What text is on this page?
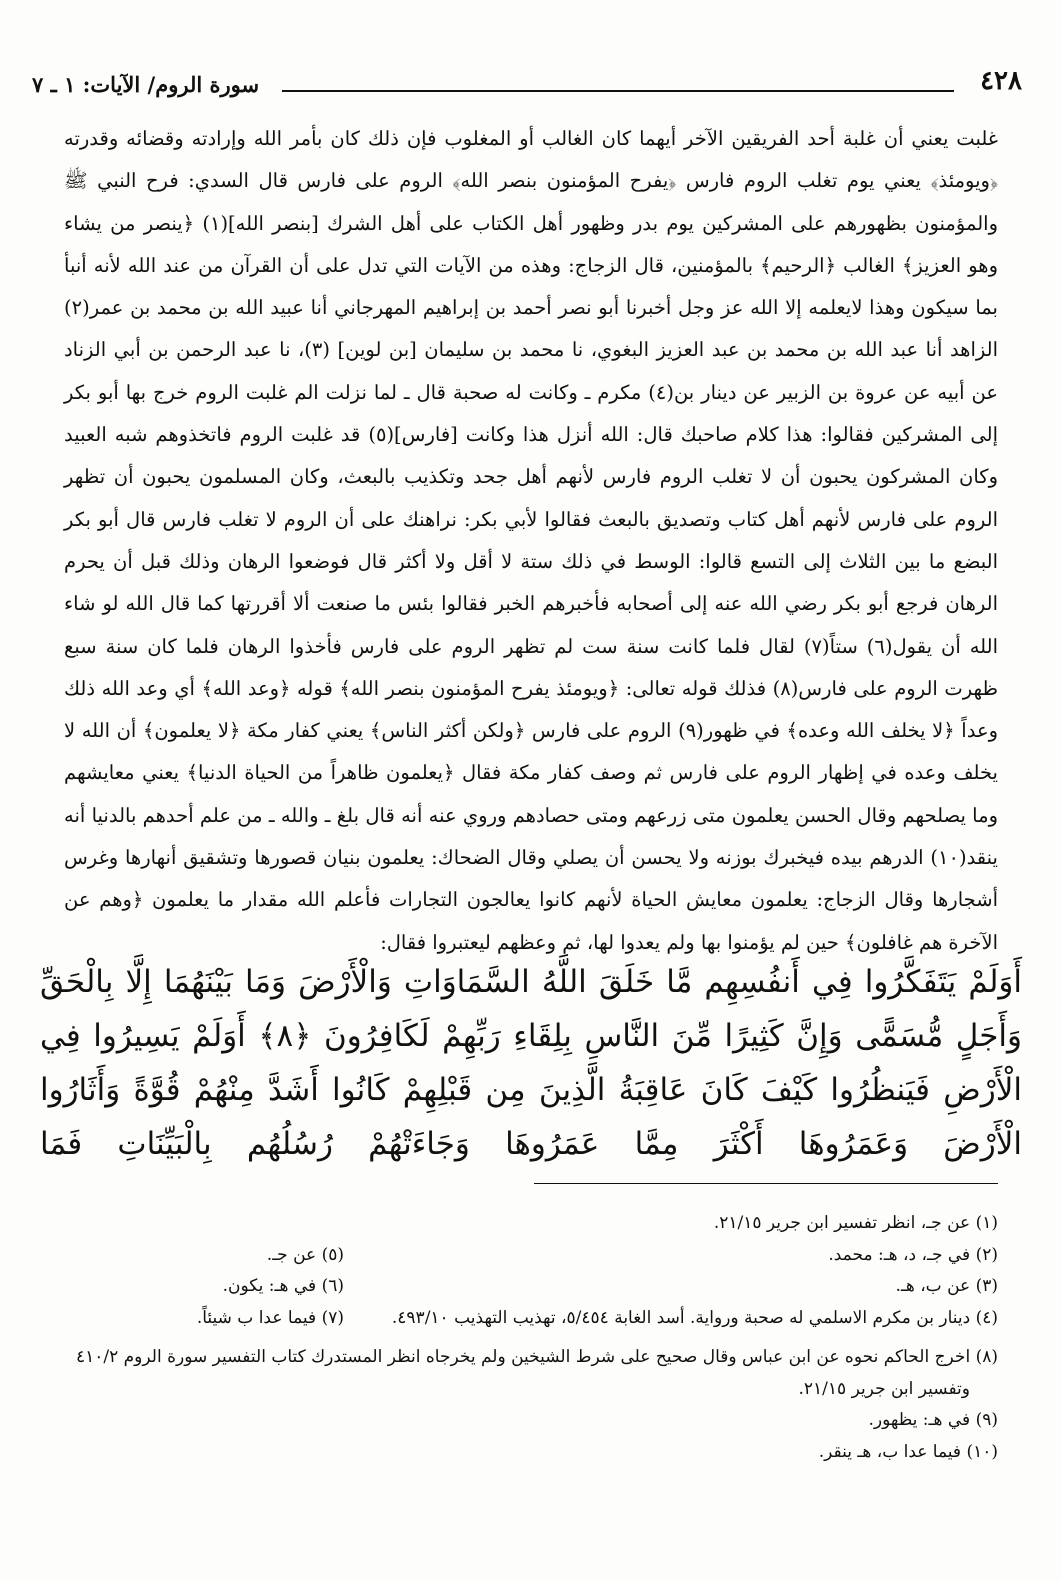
سورة الروم/ الآيات: ١ ـ ٧	٤٢٨

غلبت يعني أن غلبة أحد الفريقين الآخر أيهما كان الغالب أو المغلوب فإن ذلك كان بأمر الله وإرادته وقضائه وقدرته ﴿ويومئذ﴾ يعني يوم تغلب الروم فارس ﴿يفرح المؤمنون بنصر الله﴾ الروم على فارس قال السدي: فرح النبي ﷺ والمؤمنون بظهورهم على المشركين يوم بدر وظهور أهل الكتاب على أهل الشرك [بنصر الله](١) ﴿ينصر من يشاء وهو العزيز﴾ الغالب ﴿الرحيم﴾ بالمؤمنين، قال الزجاج: وهذه من الآيات التي تدل على أن القرآن من عند الله لأنه أنبأ بما سيكون وهذا لايعلمه إلا الله عز وجل أخبرنا أبو نصر أحمد بن إبراهيم المهرجاني أنا عبيد الله بن محمد بن عمر(٢) الزاهد أنا عبد الله بن محمد بن عبد العزيز البغوي، نا محمد بن سليمان [بن لوين] (٣)، نا عبد الرحمن بن أبي الزناد عن أبيه عن عروة بن الزبير عن دينار بن(٤) مكرم ـ وكانت له صحبة قال ـ لما نزلت الم غلبت الروم خرج بها أبو بكر إلى المشركين فقالوا: هذا كلام صاحبك قال: الله أنزل هذا وكانت [فارس](٥) قد غلبت الروم فاتخذوهم شبه العبيد وكان المشركون يحبون أن لا تغلب الروم فارس لأنهم أهل جحد وتكذيب بالبعث، وكان المسلمون يحبون أن تظهر الروم على فارس لأنهم أهل كتاب وتصديق بالبعث فقالوا لأبي بكر: نراهنك على أن الروم لا تغلب فارس قال أبو بكر البضع ما بين الثلاث إلى التسع قالوا: الوسط في ذلك ستة لا أقل ولا أكثر قال فوضعوا الرهان وذلك قبل أن يحرم الرهان فرجع أبو بكر رضي الله عنه إلى أصحابه فأخبرهم الخبر فقالوا بئس ما صنعت ألا أقررتها كما قال الله لو شاء الله أن يقول(٦) ستاً(٧) لقال فلما كانت سنة ست لم تظهر الروم على فارس فأخذوا الرهان فلما كان سنة سبع ظهرت الروم على فارس(٨) فذلك قوله تعالى: ﴿ويومئذ يفرح المؤمنون بنصر الله﴾ قوله ﴿وعد الله﴾ أي وعد الله ذلك وعداً ﴿لا يخلف الله وعده﴾ في ظهور(٩) الروم على فارس ﴿ولكن أكثر الناس﴾ يعني كفار مكة ﴿لا يعلمون﴾ أن الله لا يخلف وعده في إظهار الروم على فارس ثم وصف كفار مكة فقال ﴿يعلمون ظاهراً من الحياة الدنيا﴾ يعني معايشهم وما يصلحهم وقال الحسن يعلمون متى زرعهم ومتى حصادهم وروي عنه أنه قال بلغ ـ والله ـ من علم أحدهم بالدنيا أنه ينقد(١٠) الدرهم بيده فيخبرك بوزنه ولا يحسن أن يصلي وقال الضحاك: يعلمون بنيان قصورها وتشقيق أنهارها وغرس أشجارها وقال الزجاج: يعلمون معايش الحياة لأنهم كانوا يعالجون التجارات فأعلم الله مقدار ما يعلمون ﴿وهم عن الآخرة هم غافلون﴾ حين لم يؤمنوا بها ولم يعدوا لها، ثم وعظهم ليعتبروا فقال:

أَوَلَمْ يَتَفَكَّرُوا فِي أَنفُسِهِم مَّا خَلَقَ اللَّهُ السَّمَاوَاتِ وَالْأَرْضَ وَمَا بَيْنَهُمَا إِلَّا بِالْحَقِّ وَأَجَلٍ مُّسَمًّى وَإِنَّ كَثِيرًا مِّنَ النَّاسِ بِلِقَاءِ رَبِّهِمْ لَكَافِرُونَ ﴿٨﴾ أَوَلَمْ يَسِيرُوا فِي الْأَرْضِ فَيَنظُرُوا كَيْفَ كَانَ عَاقِبَةُ الَّذِينَ مِن قَبْلِهِمْ كَانُوا أَشَدَّ مِنْهُمْ قُوَّةً وَأَثَارُوا الْأَرْضَ وَعَمَرُوهَا أَكْثَرَ مِمَّا عَمَرُوهَا وَجَاءَتْهُمْ رُسُلُهُم بِالْبَيِّنَاتِ فَمَا

(١) عن جـ، انظر تفسير ابن جرير ٢١/١٥.
(٢) في جـ، د، هـ: محمد.
(٥) عن جـ.
(٣) عن ب، هـ.
(٦) في هـ: يكون.
(٤) دينار بن مكرم الاسلمي له صحبة ورواية. أسد الغابة ٥/٤٥٤، تهذيب التهذيب ٤٩٣/١٠.
(٧) فيما عدا ب شيئاً.
(٨) اخرج الحاكم نحوه عن ابن عباس وقال صحيح على شرط الشيخين ولم يخرجاه انظر المستدرك كتاب التفسير سورة الروم ٤١٠/٢
وتفسير ابن جرير ٢١/١٥.
(٩) في هـ: يظهور.
(١٠) فيما عدا ب، هـ ينقر.
